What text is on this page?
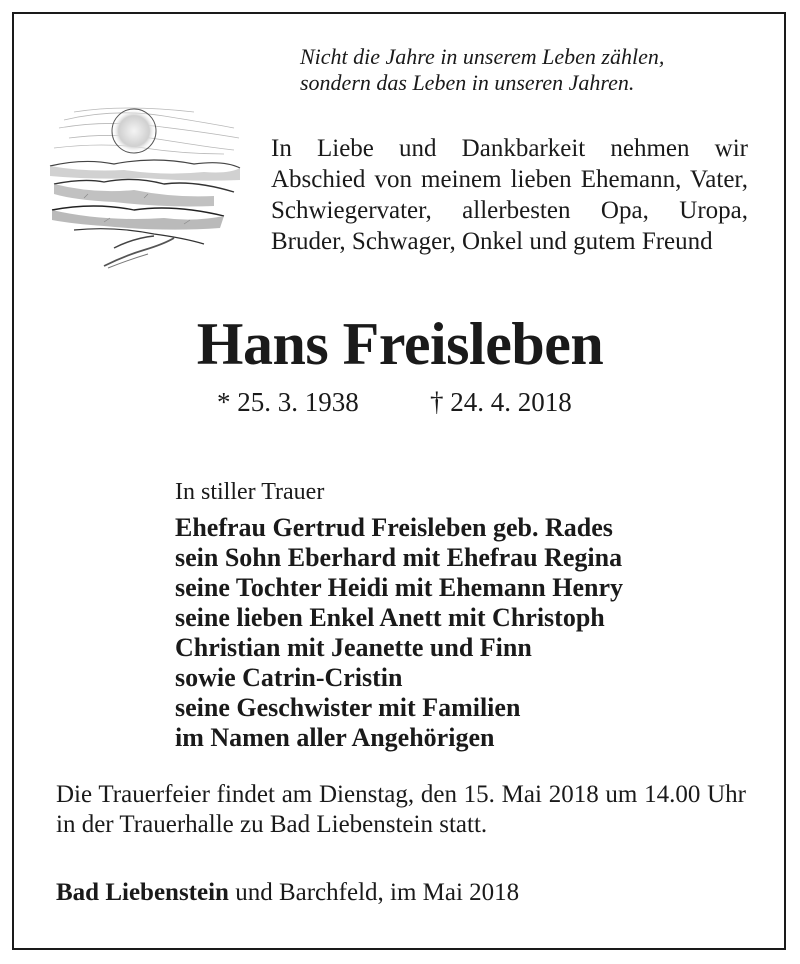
Nicht die Jahre in unserem Leben zählen,
sondern das Leben in unseren Jahren.
In Liebe und Dankbarkeit nehmen wir Abschied von meinem lieben Ehemann, Vater, Schwiegervater, allerbesten Opa, Uropa, Bruder, Schwager, Onkel und gutem Freund
Hans Freisleben
* 25. 3. 1938	† 24. 4. 2018
In stiller Trauer
Ehefrau Gertrud Freisleben geb. Rades
sein Sohn Eberhard mit Ehefrau Regina
seine Tochter Heidi mit Ehemann Henry
seine lieben Enkel Anett mit Christoph
Christian mit Jeanette und Finn
sowie Catrin-Cristin
seine Geschwister mit Familien
im Namen aller Angehörigen
Die Trauerfeier findet am Dienstag, den 15. Mai 2018 um 14.00 Uhr in der Trauerhalle zu Bad Liebenstein statt.
Bad Liebenstein und Barchfeld, im Mai 2018
